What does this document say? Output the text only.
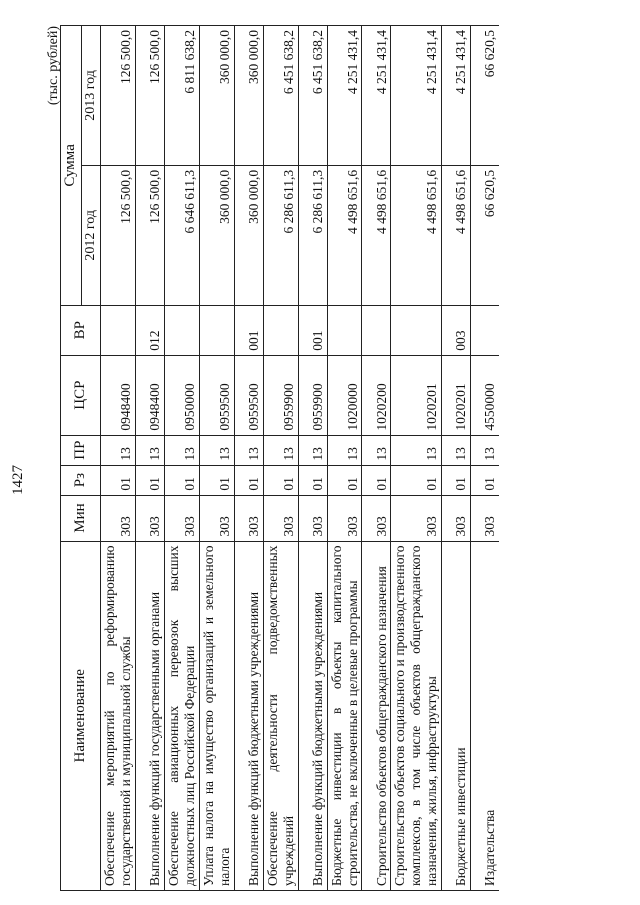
1427
(тыс. рублей)
Наименование	Мин	Рз	ПР	ЦСР	ВР	Сумма	
						2012 год	2013 год
Обеспечение мероприятий по реформированию государственной и муниципальной службы	303	01	13	0948400		126 500,0	126 500,0
Выполнение функций государственными органами	303	01	13	0948400	012	126 500,0	126 500,0
Обеспечение авиационных перевозок высших должностных лиц Российской Федерации	303	01	13	0950000		6 646 611,3	6 811 638,2
Уплата налога на имущество организаций и земельного налога	303	01	13	0959500		360 000,0	360 000,0
Выполнение функций бюджетными учреждениями	303	01	13	0959500	001	360 000,0	360 000,0
Обеспечение деятельности подведомственных учреждений	303	01	13	0959900		6 286 611,3	6 451 638,2
Выполнение функций бюджетными учреждениями	303	01	13	0959900	001	6 286 611,3	6 451 638,2
Бюджетные инвестиции в объекты капитального строительства, не включенные в целевые программы	303	01	13	1020000		4 498 651,6	4 251 431,4
Строительство объектов общегражданского назначения	303	01	13	1020200		4 498 651,6	4 251 431,4
Строительство объектов социального и производственного комплексов, в том числе объектов общегражданского назначения, жилья, инфраструктуры	303	01	13	1020201		4 498 651,6	4 251 431,4
Бюджетные инвестиции	303	01	13	1020201	003	4 498 651,6	4 251 431,4
Издательства	303	01	13	4550000		66 620,5	66 620,5
